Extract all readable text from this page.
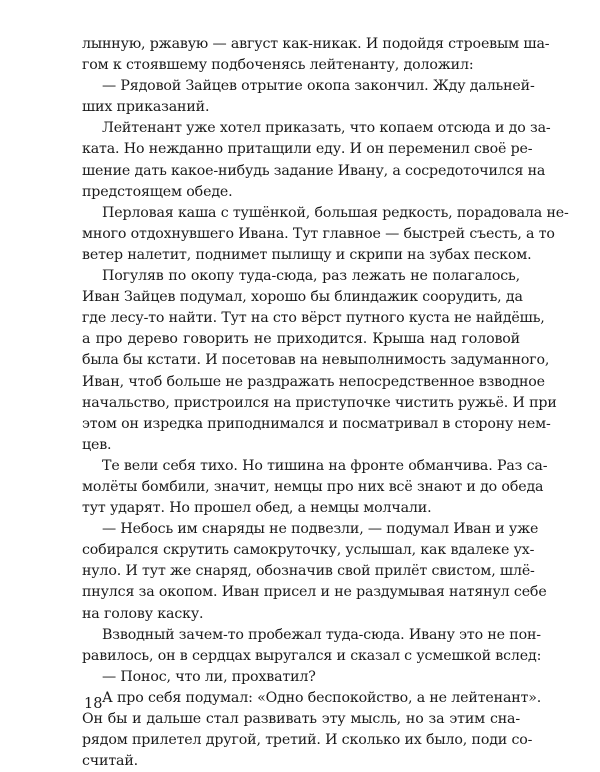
лынную, ржавую — август как-никак. И подойдя строевым ша-
гом к стоявшему подбоченясь лейтенанту, доложил:
— Рядовой Зайцев отрытие окопа закончил. Жду дальней-
ших приказаний.
Лейтенант уже хотел приказать, что копаем отсюда и до за-
ката. Но нежданно притащили еду. И он переменил своё ре-
шение дать какое-нибудь задание Ивану, а сосредоточился на
предстоящем обеде.
Перловая каша с тушёнкой, большая редкость, порадовала не-
много отдохнувшего Ивана. Тут главное — быстрей съесть, а то
ветер налетит, поднимет пылищу и скрипи на зубах песком.
Погуляв по окопу туда-сюда, раз лежать не полагалось,
Иван Зайцев подумал, хорошо бы блиндажик соорудить, да
где лесу-то найти. Тут на сто вёрст путного куста не найдёшь,
а про дерево говорить не приходится. Крыша над головой
была бы кстати. И посетовав на невыполнимость задуманного,
Иван, чтоб больше не раздражать непосредственное взводное
начальство, пристроился на приступочке чистить ружьё. И при
этом он изредка приподнимался и посматривал в сторону нем-
цев.
Те вели себя тихо. Но тишина на фронте обманчива. Раз са-
молёты бомбили, значит, немцы про них всё знают и до обеда
тут ударят. Но прошел обед, а немцы молчали.
— Небось им снаряды не подвезли, — подумал Иван и уже
собирался скрутить самокруточку, услышал, как вдалеке ух-
нуло. И тут же снаряд, обозначив свой прилёт свистом, шлё-
пнулся за окопом. Иван присел и не раздумывая натянул себе
на голову каску.
Взводный зачем-то пробежал туда-сюда. Ивану это не пон-
равилось, он в сердцах выругался и сказал с усмешкой вслед:
— Понос, что ли, прохватил?
А про себя подумал: «Одно беспокойство, а не лейтенант».
Он бы и дальше стал развивать эту мысль, но за этим сна-
рядом прилетел другой, третий. И сколько их было, поди со-
считай.
18
